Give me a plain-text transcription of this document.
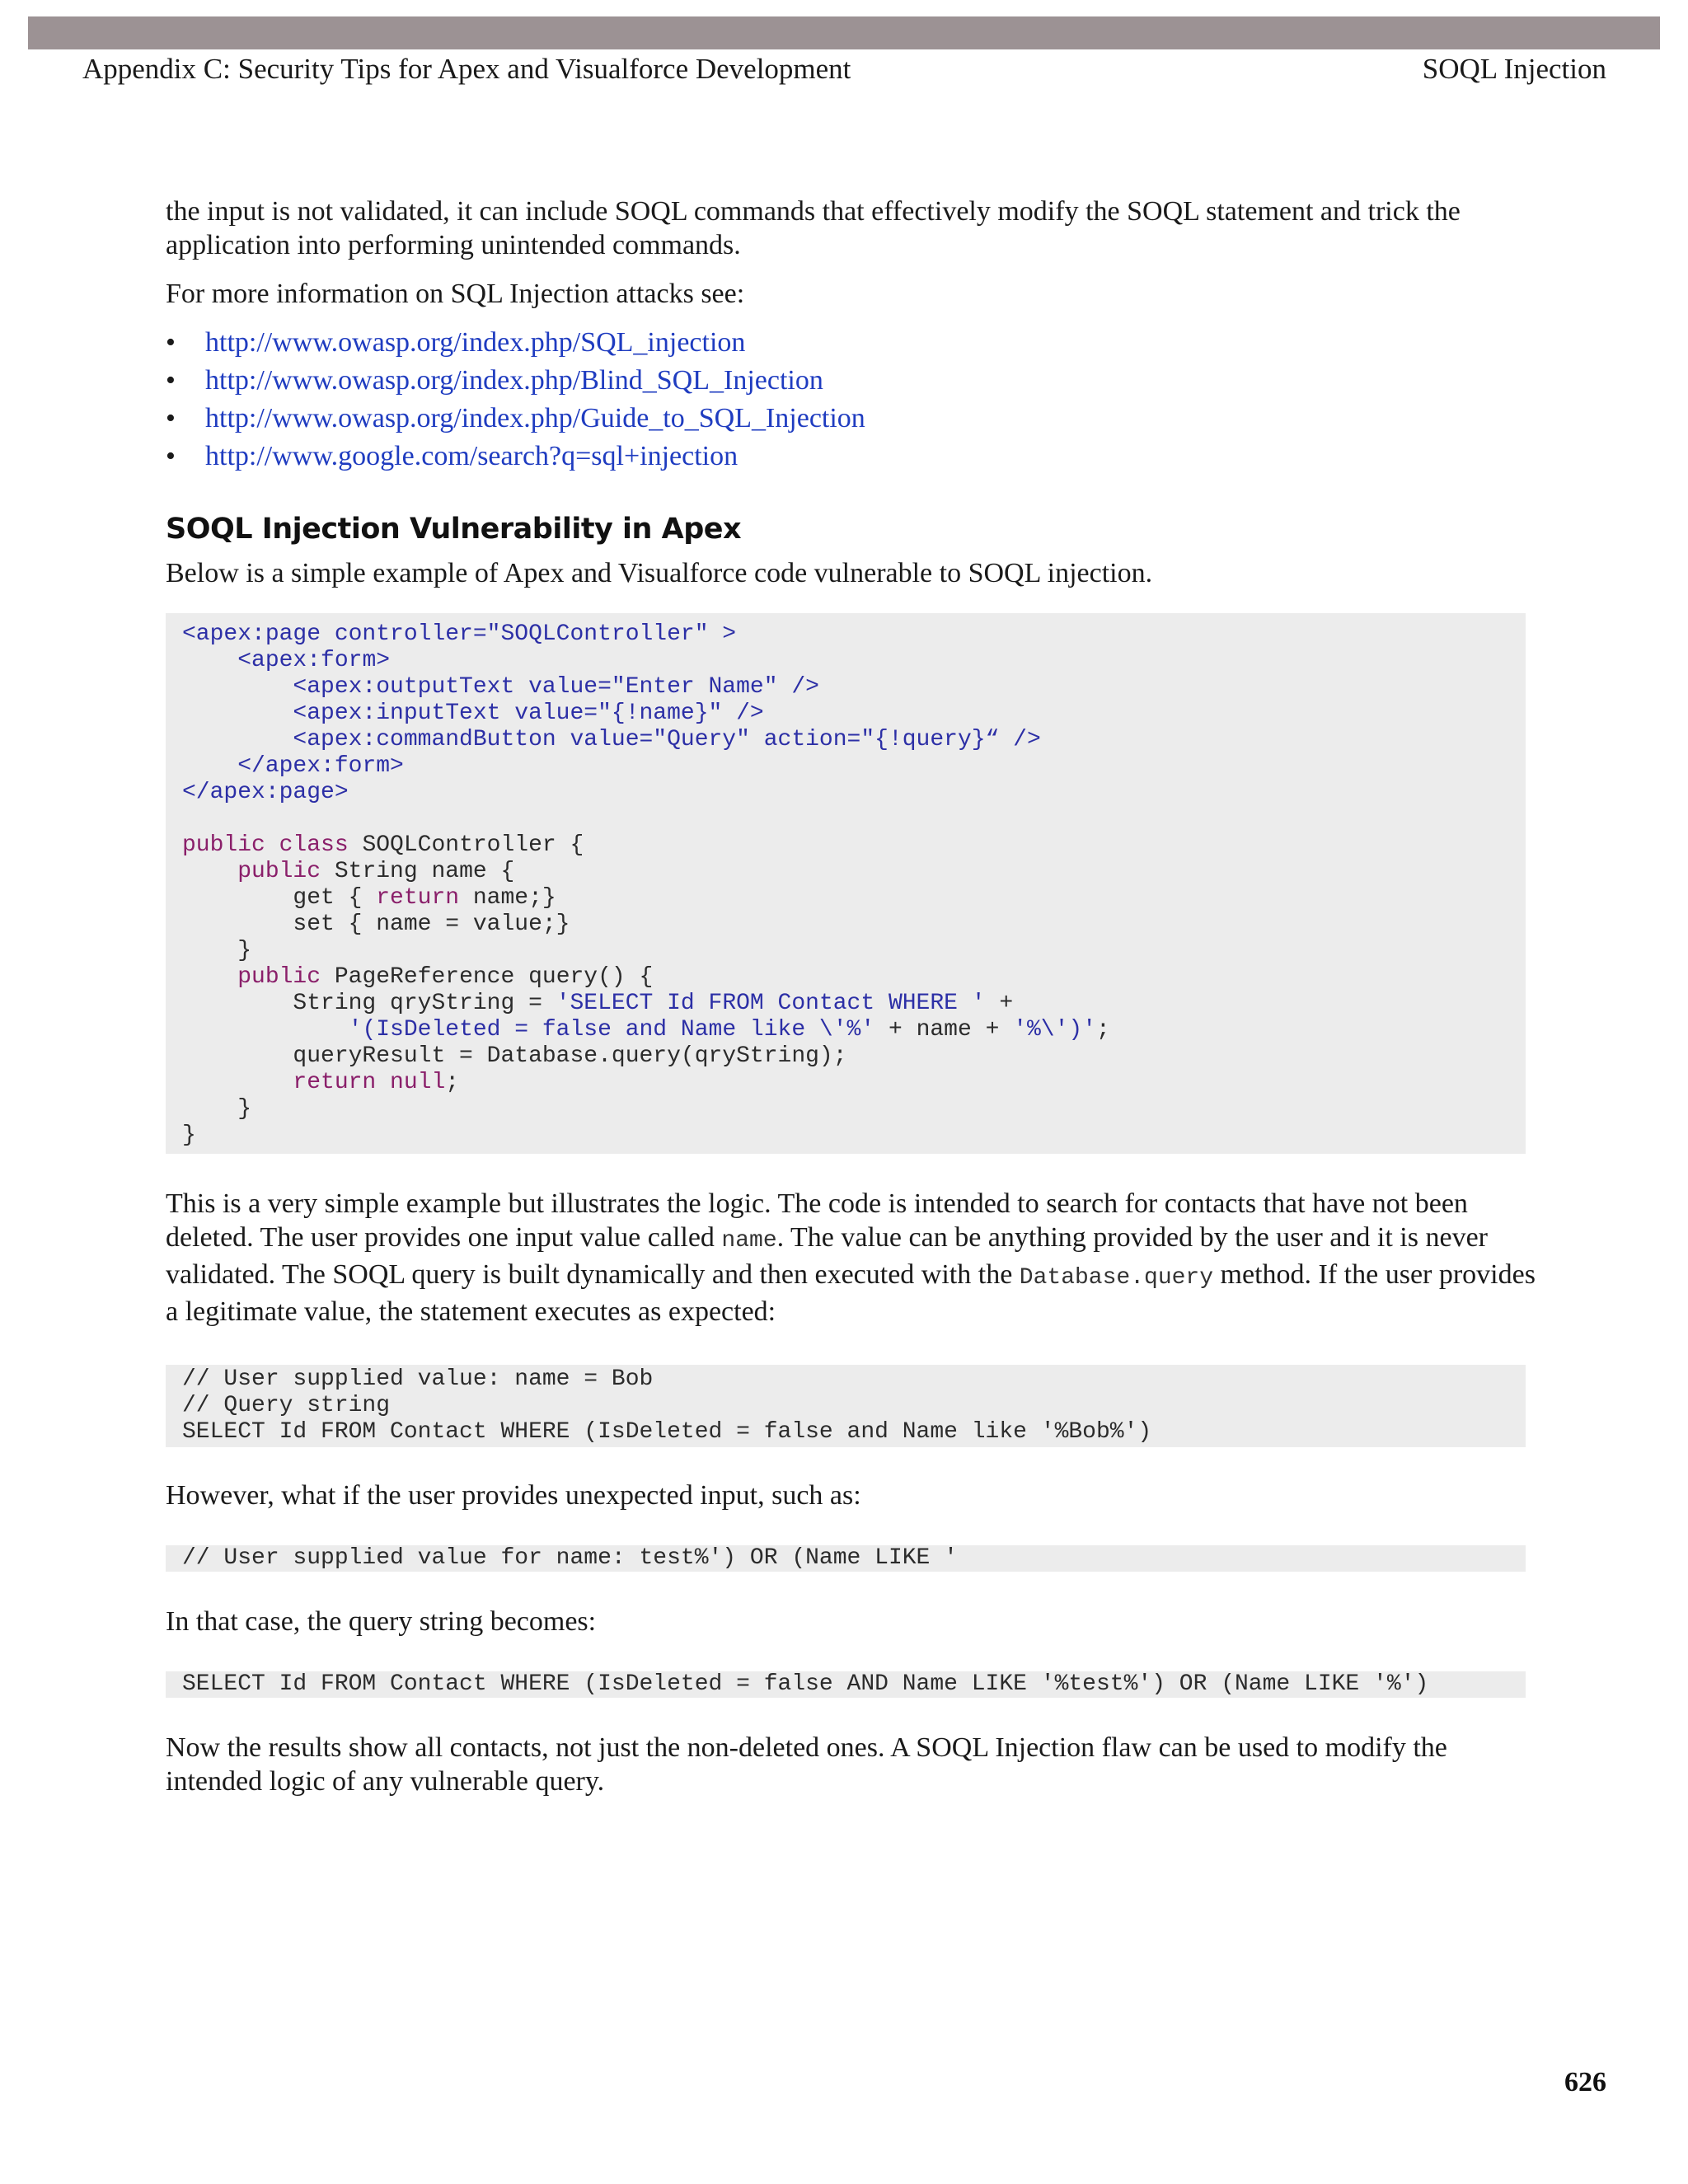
Appendix C: Security Tips for Apex and Visualforce Development	SOQL Injection

the input is not validated, it can include SOQL commands that effectively modify the SOQL statement and trick the application into performing unintended commands.

For more information on SQL Injection attacks see:

• http://www.owasp.org/index.php/SQL_injection
• http://www.owasp.org/index.php/Blind_SQL_Injection
• http://www.owasp.org/index.php/Guide_to_SQL_Injection
• http://www.google.com/search?q=sql+injection
SOQL Injection Vulnerability in Apex

Below is a simple example of Apex and Visualforce code vulnerable to SOQL injection.

<apex:page controller="SOQLController" >
<apex:form>
<apex:outputText value="Enter Name" />
<apex:inputText value="{!name}" />
<apex:commandButton value="Query" action="{!query}“ />
</apex:form>
</apex:page>

public class SOQLController {
public String name {
get { return name;}
set { name = value;}
}
public PageReference query() {
String qryString = 'SELECT Id FROM Contact WHERE ' +
'(IsDeleted = false and Name like \'%' + name + '%\')';
queryResult = Database.query(qryString);
return null;
}
}

This is a very simple example but illustrates the logic. The code is intended to search for contacts that have not been deleted. The user provides one input value called name. The value can be anything provided by the user and it is never validated. The SOQL query is built dynamically and then executed with the Database.query method. If the user provides a legitimate value, the statement executes as expected:

// User supplied value: name = Bob
// Query string
SELECT Id FROM Contact WHERE (IsDeleted = false and Name like '%Bob%')

However, what if the user provides unexpected input, such as:

// User supplied value for name: test%') OR (Name LIKE '

In that case, the query string becomes:

SELECT Id FROM Contact WHERE (IsDeleted = false AND Name LIKE '%test%') OR (Name LIKE '%')

Now the results show all contacts, not just the non-deleted ones. A SOQL Injection flaw can be used to modify the intended logic of any vulnerable query.

626
